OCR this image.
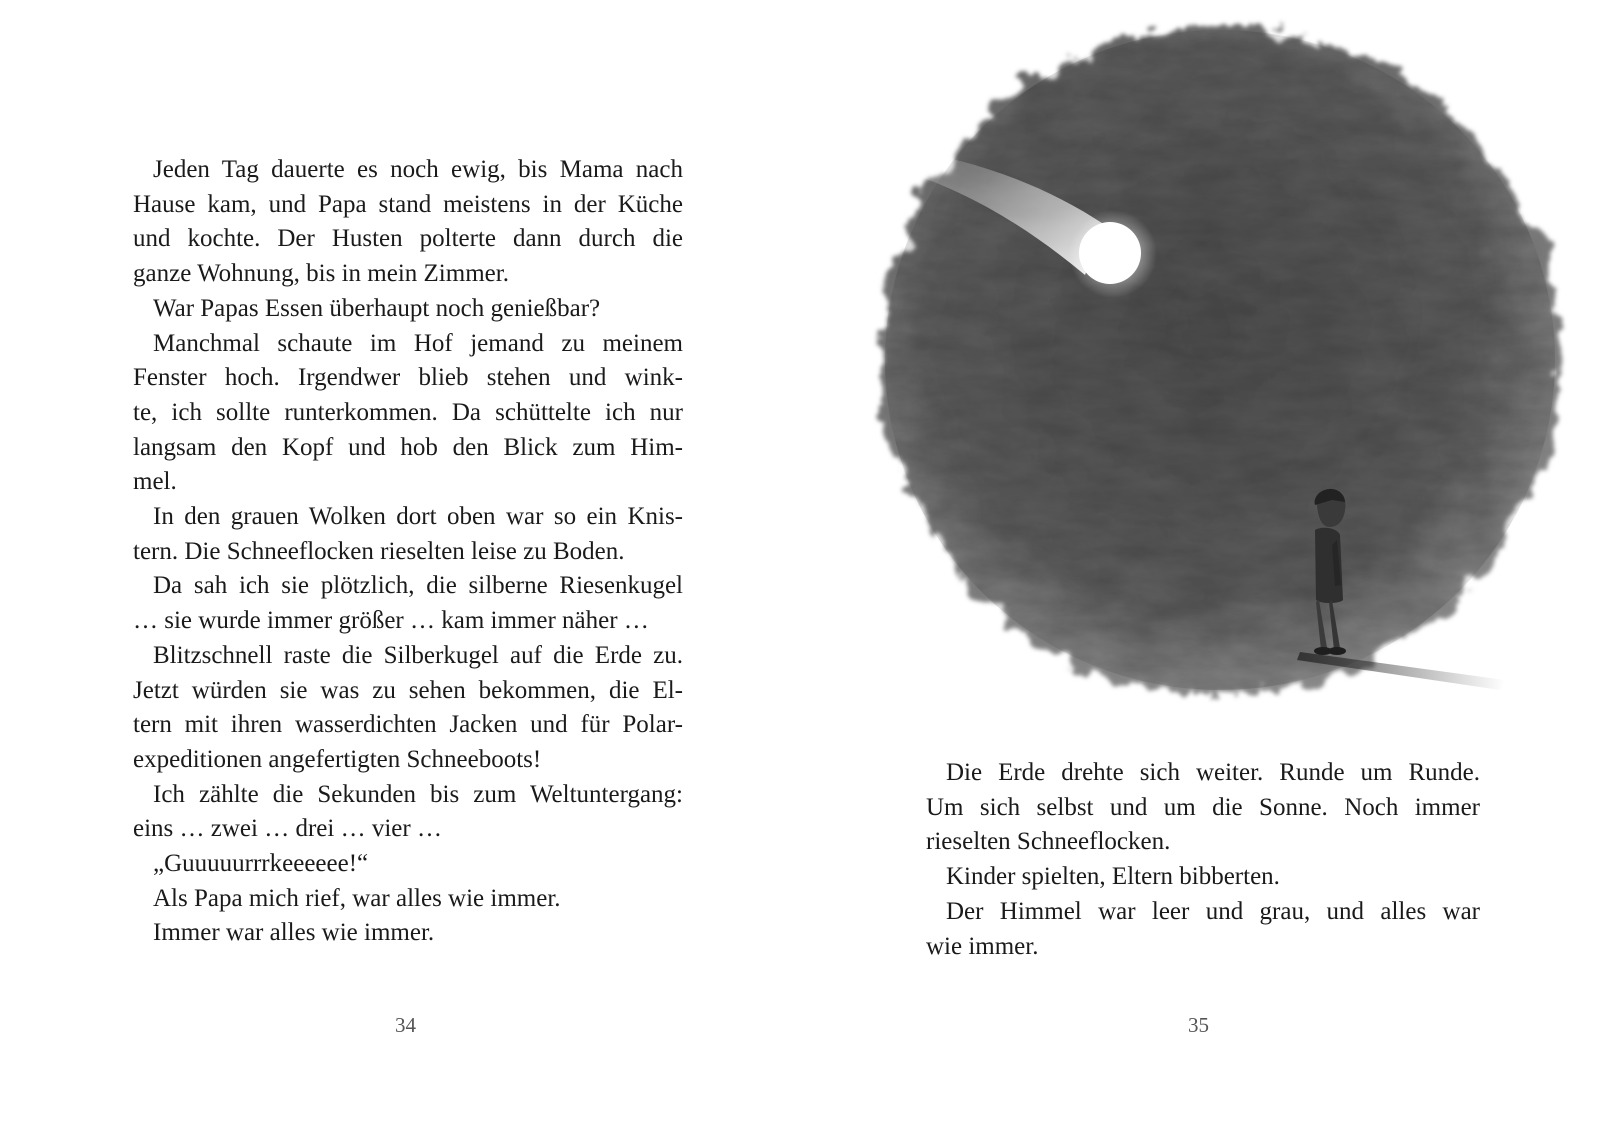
Jeden Tag dauerte es noch ewig, bis Mama nach
Hause kam, und Papa stand meistens in der Küche
und kochte. Der Husten polterte dann durch die
ganze Wohnung, bis in mein Zimmer.
War Papas Essen überhaupt noch genießbar?
Manchmal schaute im Hof jemand zu meinem
Fenster hoch. Irgendwer blieb stehen und wink-
te, ich sollte runterkommen. Da schüttelte ich nur
langsam den Kopf und hob den Blick zum Him-
mel.
In den grauen Wolken dort oben war so ein Knis-
tern. Die Schneeflocken rieselten leise zu Boden.
Da sah ich sie plötzlich, die silberne Riesenkugel
… sie wurde immer größer … kam immer näher …
Blitzschnell raste die Silberkugel auf die Erde zu.
Jetzt würden sie was zu sehen bekommen, die El-
tern mit ihren wasserdichten Jacken und für Polar-
expeditionen angefertigten Schneeboots!
Ich zählte die Sekunden bis zum Weltuntergang:
eins … zwei … drei … vier …
„Guuuuurrrkeeeeee!“
Als Papa mich rief, war alles wie immer.
Immer war alles wie immer.
34
Die Erde drehte sich weiter. Runde um Runde.
Um sich selbst und um die Sonne. Noch immer
rieselten Schneeflocken.
Kinder spielten, Eltern bibberten.
Der Himmel war leer und grau, und alles war
wie immer.
35
